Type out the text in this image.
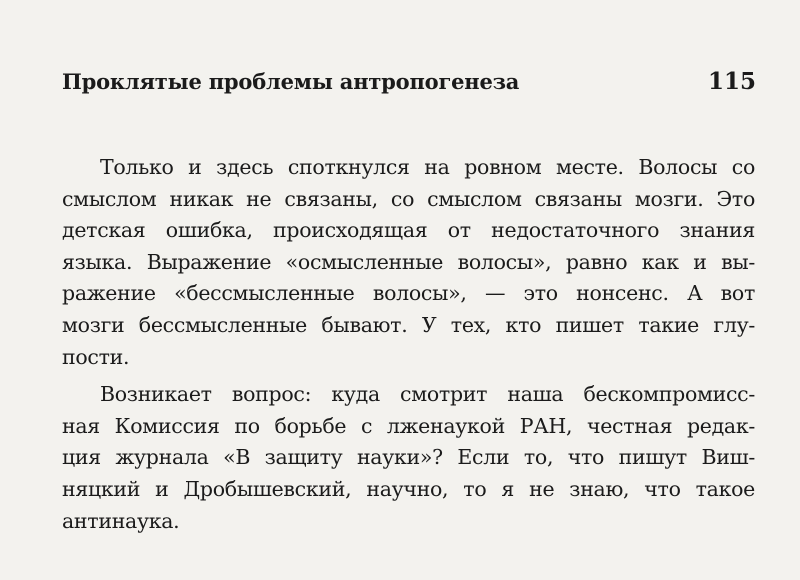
Проклятые проблемы антропогенеза	115
Только и здесь споткнулся на ровном месте. Волосы со
смыслом никак не связаны, со смыслом связаны мозги. Это
детская ошибка, происходящая от недостаточного знания
языка. Выражение «осмысленные волосы», равно как и вы-
ражение «бессмысленные волосы», — это нонсенс. А вот
мозги бессмысленные бывают. У тех, кто пишет такие глу-
пости.
Возникает вопрос: куда смотрит наша бескомпромисс-
ная Комиссия по борьбе с лженаукой РАН, честная редак-
ция журнала «В защиту науки»? Если то, что пишут Виш-
няцкий и Дробышевский, научно, то я не знаю, что такое
антинаука.
